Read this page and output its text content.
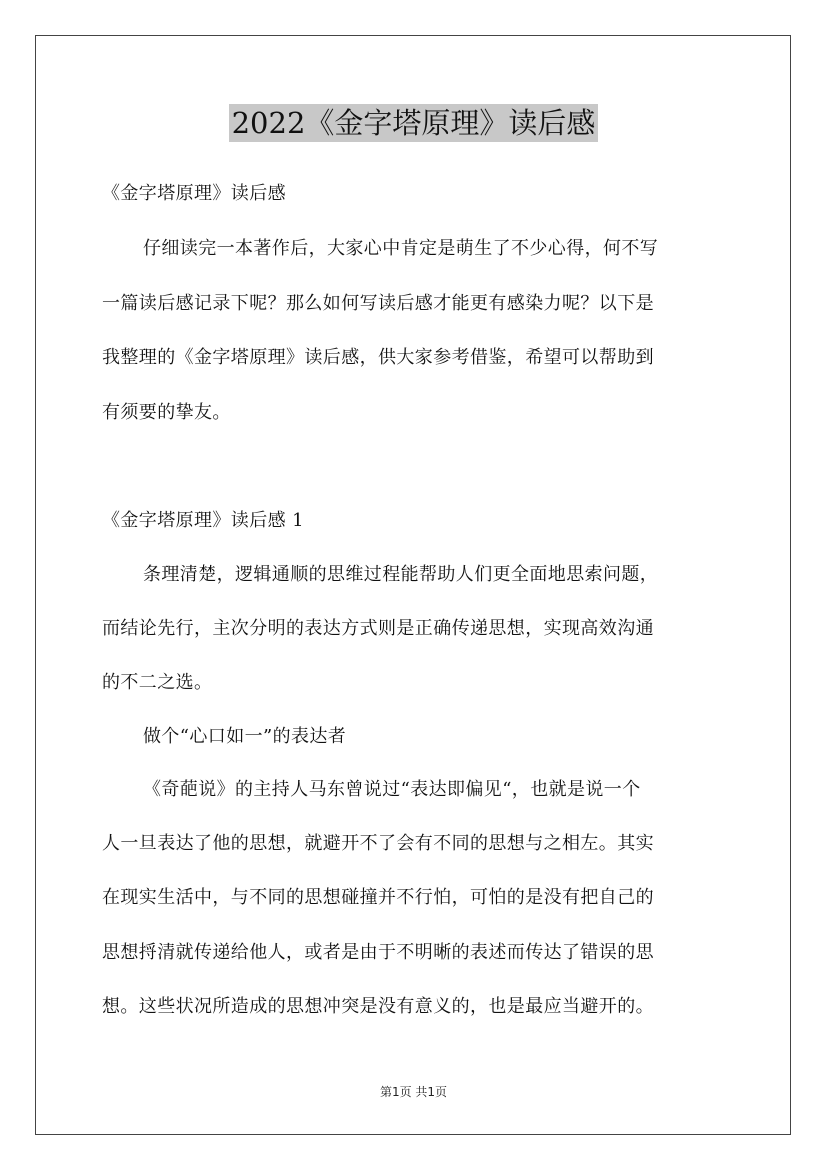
2022《金字塔原理》读后感
《金字塔原理》读后感
仔细读完一本著作后，大家心中肯定是萌生了不少心得，何不写
一篇读后感记录下呢？那么如何写读后感才能更有感染力呢？以下是
我整理的《金字塔原理》读后感，供大家参考借鉴，希望可以帮助到
有须要的挚友。
《金字塔原理》读后感 1
条理清楚，逻辑通顺的思维过程能帮助人们更全面地思索问题，
而结论先行，主次分明的表达方式则是正确传递思想，实现高效沟通
的不二之选。
做个“心口如一”的表达者
《奇葩说》的主持人马东曾说过“表达即偏见“，也就是说一个
人一旦表达了他的思想，就避开不了会有不同的思想与之相左。其实
在现实生活中，与不同的思想碰撞并不行怕，可怕的是没有把自己的
思想捋清就传递给他人，或者是由于不明晰的表述而传达了错误的思
想。这些状况所造成的思想冲突是没有意义的，也是最应当避开的。
第1页 共1页
